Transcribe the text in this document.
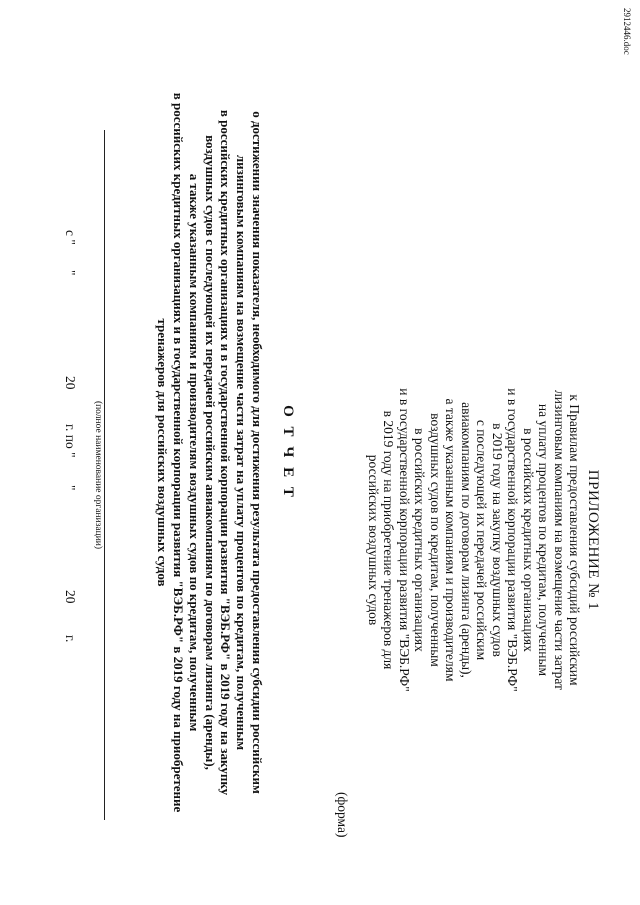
ПРИЛОЖЕНИЕ № 1
к Правилам предоставления субсидий российским
лизинговым компаниям на возмещение части затрат
на уплату процентов по кредитам, полученным
в российских кредитных организациях
и в государственной корпорации развития "ВЭБ.РФ"
в 2019 году на закупку воздушных судов
с последующей их передачей российским
авиакомпаниям по договорам лизинга (аренды),
а также указанным компаниям и производителям
воздушных судов по кредитам, полученным
в российских кредитных организациях
и в государственной корпорации развития "ВЭБ.РФ"
в 2019 году на приобретение тренажеров для
российских воздушных судов
(форма)
О Т Ч Е Т
о достижении значения показателя, необходимого для достижения результата предоставления субсидии российским
лизинговым компаниям на возмещение части затрат на уплату процентов по кредитам, полученным
в российских кредитных организациях и в государственной корпорации развития "ВЭБ.РФ" в 2019 году на закупку
воздушных судов с последующей их передачей российским авиакомпаниям по договорам лизинга (аренды),
а также указанным компаниям и производителям воздушных судов по кредитам, полученным
в российских кредитных организациях и в государственной корпорации развития "ВЭБ.РФ" в 2019 году на приобретение
тренажеров для российских воздушных судов
(полное наименование организации)
с "
"
20
г. по "
"
20
г.
2912446.doc
